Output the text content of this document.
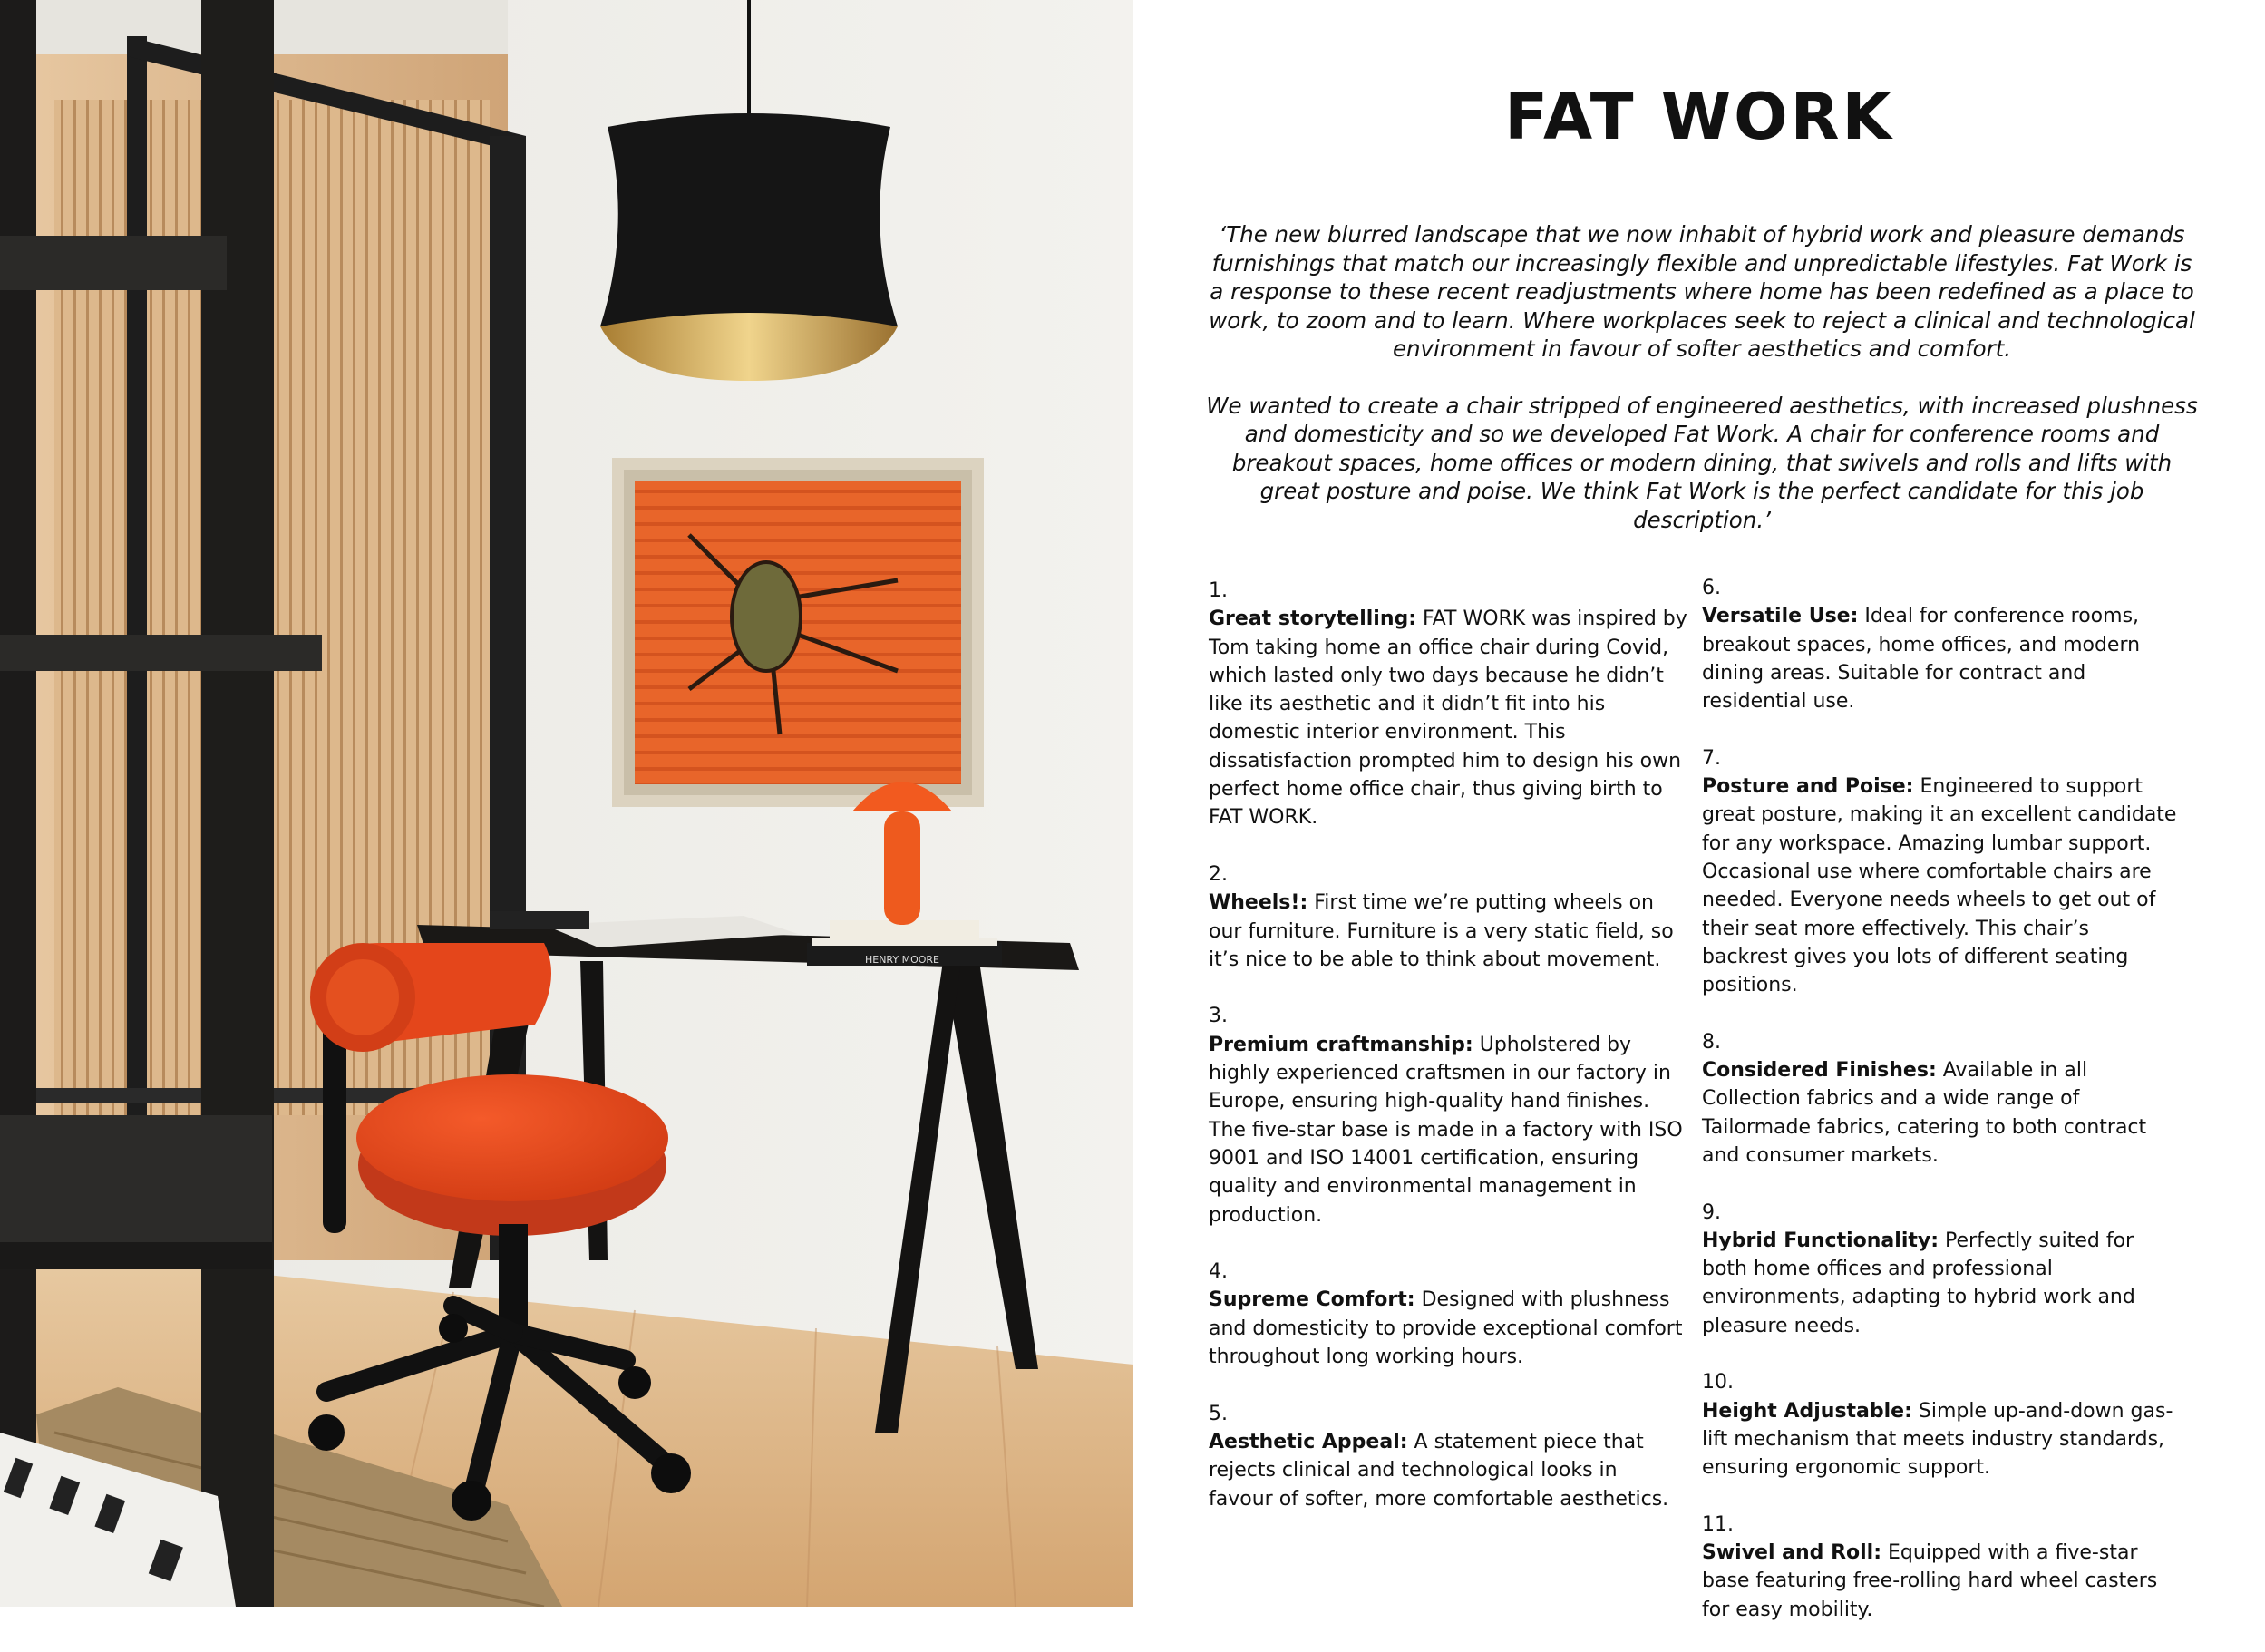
HENRY MOORE
FAT WORK

‘The new blurred landscape that we now inhabit of hybrid work and pleasure demands furnishings that match our increasingly flexible and unpredictable lifestyles. Fat Work is a response to these recent readjustments where home has been redefined as a place to work, to zoom and to learn. Where workplaces seek to reject a clinical and technological environment in favour of softer aesthetics and comfort.

We wanted to create a chair stripped of engineered aesthetics, with increased plushness and domesticity and so we developed Fat Work. A chair for conference rooms and breakout spaces, home offices or modern dining, that swivels and rolls and lifts with great posture and poise. We think Fat Work is the perfect candidate for this job description.’

1.
Great storytelling: FAT WORK was inspired by Tom taking home an office chair during Covid, which lasted only two days because he didn’t like its aesthetic and it didn’t fit into his domestic interior environment. This dissatisfaction prompted him to design his own perfect home office chair, thus giving birth to FAT WORK.
2.
Wheels!: First time we’re putting wheels on our furniture. Furniture is a very static field, so it’s nice to be able to think about movement.
3.
Premium craftmanship: Upholstered by highly experienced craftsmen in our factory in Europe, ensuring high-quality hand finishes. The five-star base is made in a factory with ISO 9001 and ISO 14001 certification, ensuring quality and environmental management in production.
4.
Supreme Comfort: Designed with plushness and domesticity to provide exceptional comfort throughout long working hours.
5.
Aesthetic Appeal: A statement piece that rejects clinical and technological looks in favour of softer, more comfortable aesthetics.
6.
Versatile Use: Ideal for conference rooms, breakout spaces, home offices, and modern dining areas. Suitable for contract and residential use.
7.
Posture and Poise: Engineered to support great posture, making it an excellent candidate for any workspace. Amazing lumbar support. Occasional use where comfortable chairs are needed. Everyone needs wheels to get out of their seat more effectively. This chair’s backrest gives you lots of different seating positions.
8.
Considered Finishes: Available in all Collection fabrics and a wide range of Tailormade fabrics, catering to both contract and consumer markets.
9.
Hybrid Functionality: Perfectly suited for both home offices and professional environments, adapting to hybrid work and pleasure needs.
10.
Height Adjustable: Simple up-and-down gas-lift mechanism that meets industry standards, ensuring ergonomic support.
11.
Swivel and Roll: Equipped with a five-star base featuring free-rolling hard wheel casters for easy mobility.
